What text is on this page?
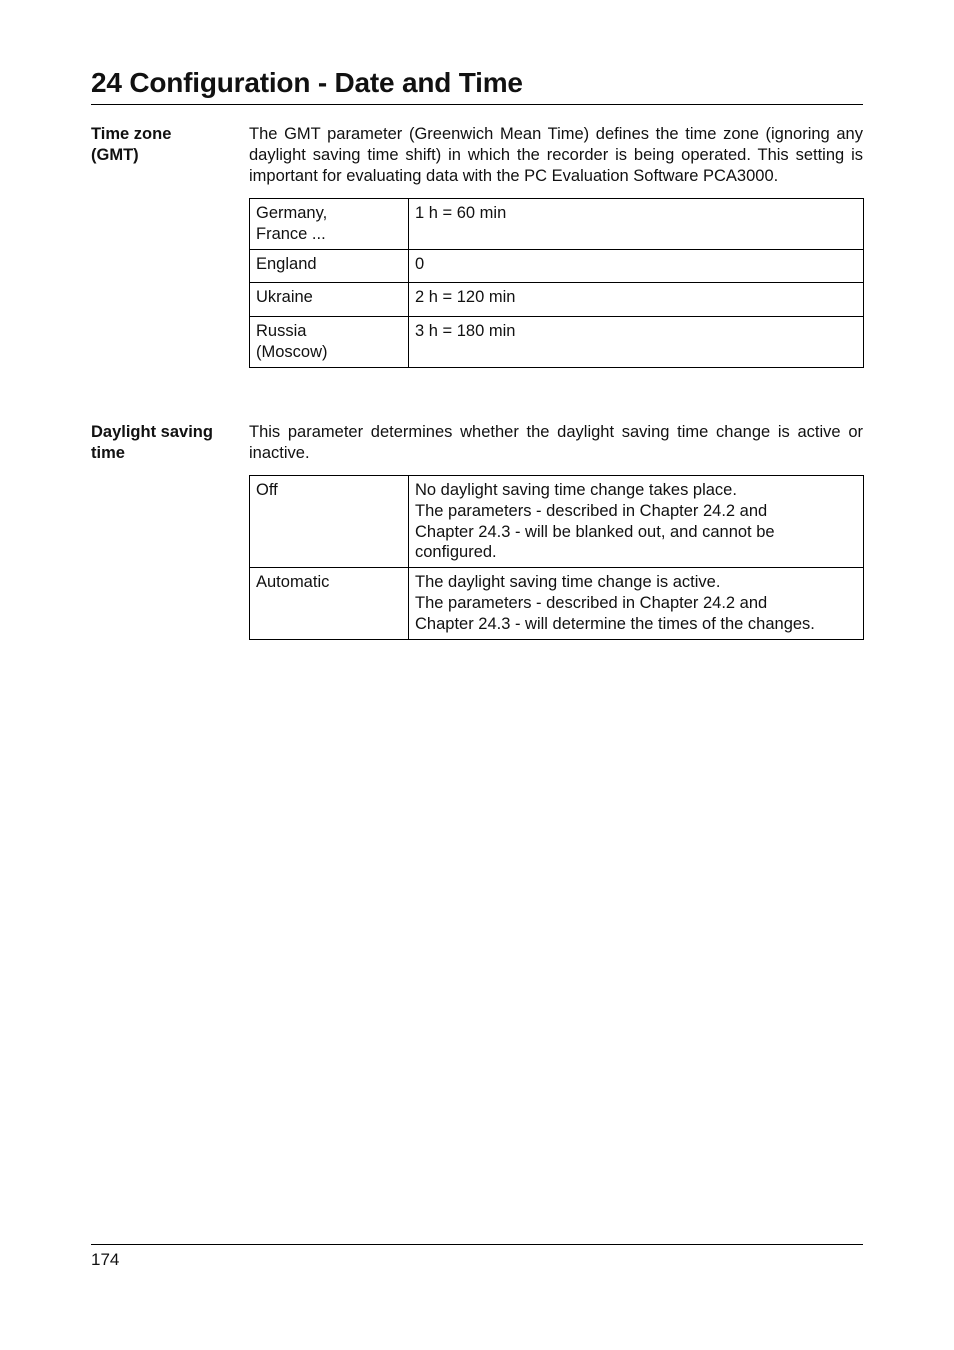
24 Configuration - Date and Time
Time zone
(GMT)

The GMT parameter (Greenwich Mean Time) defines the time zone (ignoring any daylight saving time shift) in which the recorder is being operated. This setting is important for evaluating data with the PC Evaluation Software PCA3000.

Germany,
France ...	1 h = 60 min
England	0
Ukraine	2 h = 120 min
Russia
(Moscow)	3 h = 180 min
Daylight saving
time

This parameter determines whether the daylight saving time change is active or inactive.

Off	No daylight saving time change takes place.
The parameters - described in Chapter 24.2 and
Chapter 24.3 - will be blanked out, and cannot be
configured.
Automatic	The daylight saving time change is active.
The parameters - described in Chapter 24.2 and
Chapter 24.3 - will determine the times of the changes.
174
